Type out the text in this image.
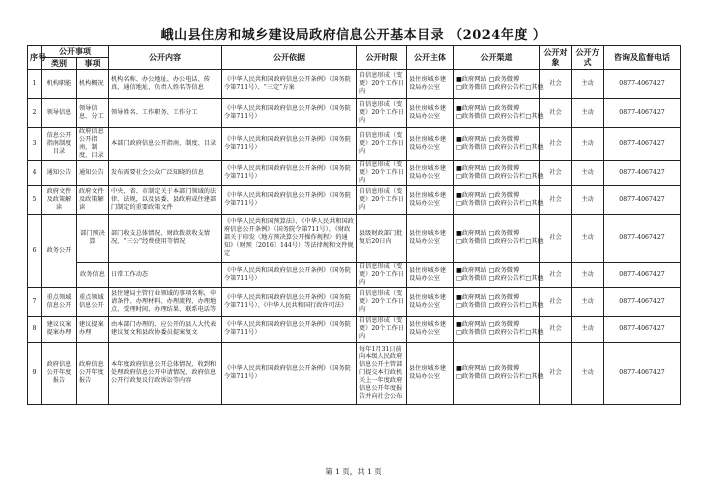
峨山县住房和城乡建设局政府信息公开基本目录 （2024年度 ）
序号	公开事项		公开内容	公开依据	公开时限	公开主体	公开渠道	公开对象	公开方式	咨询及监督电话
	类别	事项								
1	机构职能	机构概况	机构名称、办公地址、办公电话、传真、通信地址、负责人姓名等信息	《中华人民共和国政府信息公开条例》（国务院令第711号）、“三定”方案	自信息形成（变更）20个工作日内	县住房城乡建设局办公室	■政府网站 □政务微博
□政务微信 □政府公告栏□其他	社会	主动	0877-4067427
2	领导信息	领导信息、分工	领导姓名、工作职务、工作分工	《中华人民共和国政府信息公开条例》（国务院令第711号）	自信息形成（变更）20个工作日内	县住房城乡建设局办公室	■政府网站 □政务微博
□政务微信 □政府公告栏□其他	社会	主动	0877-4067427
3	信息公开指南制度目录	政府信息公开指南、制度、目录	本部门政府信息公开指南、制度、目录	《中华人民共和国政府信息公开条例》（国务院令第711号）	自信息形成（变更）20个工作日内	县住房城乡建设局办公室	■政府网站 □政务微博
□政务微信 □政府公告栏□其他	社会	主动	0877-4067427
4	通知公告	通知公告	发布需要社会公众广泛知晓的信息	《中华人民共和国政府信息公开条例》（国务院令第711号）	自信息形成（变更）20个工作日内	县住房城乡建设局办公室	■政府网站 □政务微博
□政务微信 □政府公告栏□其他	社会	主动	0877-4067427
5	政府文件及政策解读	政府文件及政策解读	中央、省、市制定关于本部门领域的法律、法规，以及县委、县政府或住建部门制定的重要政策文件	《中华人民共和国政府信息公开条例》（国务院令第711号）	自信息形成（变更）20个工作日内	县住房城乡建设局办公室	■政府网站 □政务微博
□政务微信 □政府公告栏□其他	社会	主动	0877-4067427
6	政务公开	部门预决算	部门收支总体情况、财政拨款收支情况、“三公”经费使用等情况	《中华人民共和国预算法》、《中华人民共和国政府信息公开条例》（国务院令第711号）、《财政部关于印发〈地方预决算公开操作规程〉的通知》（财预〔2016〕144号）等法律规和文件规定	县级财政部门批复后20日内	县住房城乡建设局办公室	■政府网站 □政务微博
□政务微信 □政府公告栏□其他	社会	主动	0877-4067427
		政务信息	日常工作动态	《中华人民共和国政府信息公开条例》（国务院令第711号）	自信息形成（变更）20个工作日内	县住房城乡建设局办公室	■政府网站 □政务微博
□政务微信 □政府公告栏□其他	社会	主动	0877-4067427
7	重点领域信息公开	重点领域信息公开	县住建局主管行业领域的事项名称，申请条件、办理材料、办理流程、办理地点、受理时间、办理结果、联系电话等	《中华人民共和国政府信息公开条例》（国务院令第711号）、《中华人民共和国行政许可法》	自信息形成（变更）20个工作日内	县住房城乡建设局办公室	■政府网站 □政务微博
□政务微信 □政府公告栏□其他	社会	主动	0877-4067427
8	建议议案提案办理	建议提案办理	由本部门办理的、应公开的县人大代表建议复文和县政协委员提案复文	《中华人民共和国政府信息公开条例》（国务院令第711号）	自信息形成（变更）20个工作日内	县住房城乡建设局办公室	■政府网站 □政务微博
□政务微信 □政府公告栏□其他	社会	主动	0877-4067427
9	政府信息公开年度报告	政府信息公开年度报告	本年度政府信息公开总体情况、收到和处理政府信息公开申请情况、政府信息公开行政复议行政诉讼等内容	《中华人民共和国政府信息公开条例》（国务院令第711号）	每年1月31日前向本级人民政府信息公开主管部门提交本行政机关上一年度政府信息公开年度报告并向社会公布	县住房城乡建设局办公室	■政府网站 □政务微博
□政务微信 □政府公告栏□其他	社会	主动	0877-4067427
第 1 页，共 1 页
